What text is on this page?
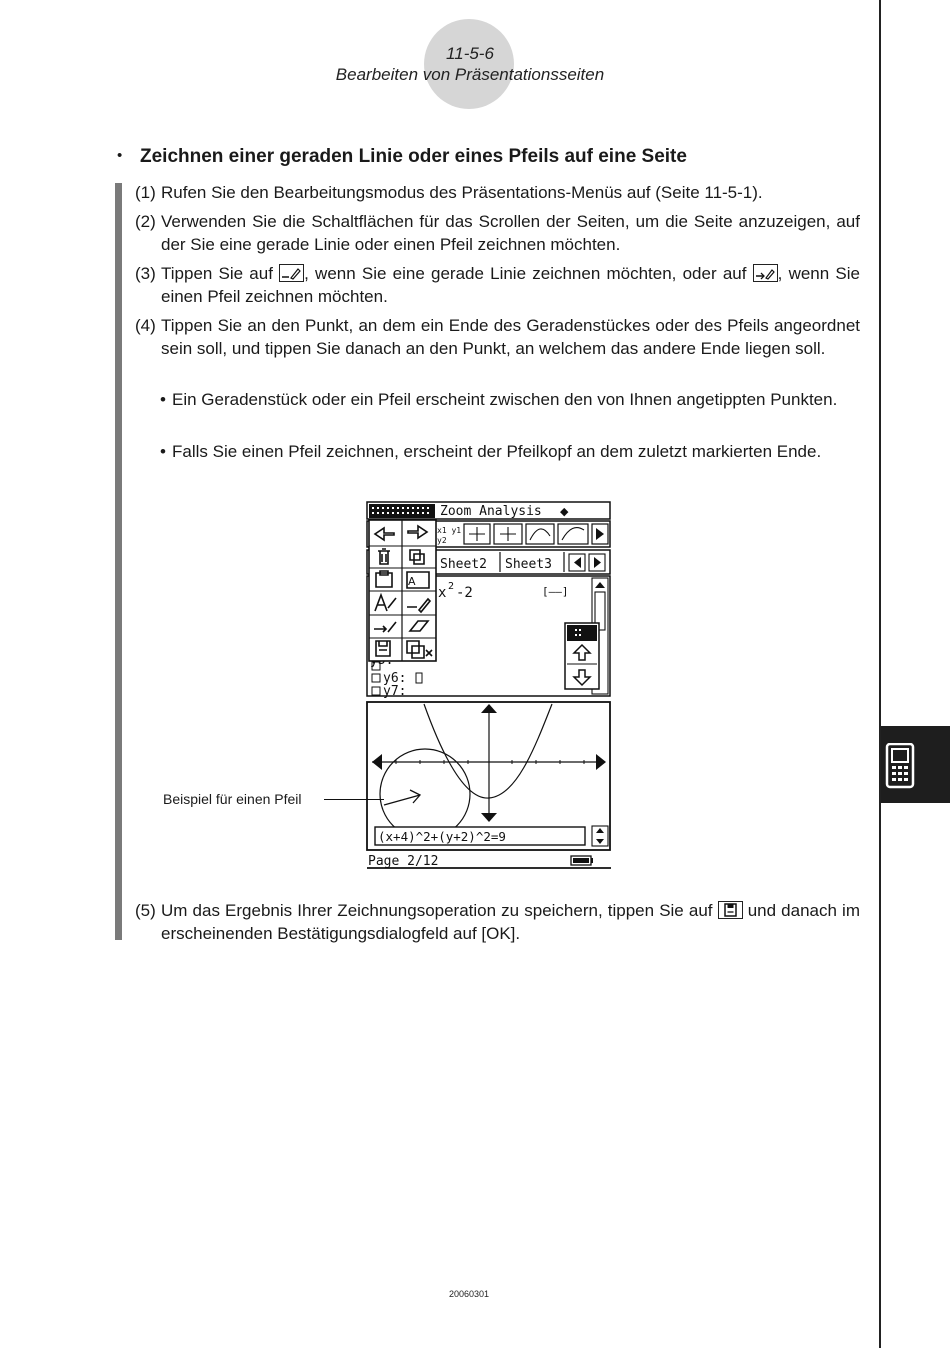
11-5-6
Bearbeiten von Präsentationsseiten
• Zeichnen einer geraden Linie oder eines Pfeils auf eine Seite
(1) Rufen Sie den Bearbeitungsmodus des Präsentations-Menüs auf (Seite 11-5-1).
(2) Verwenden Sie die Schaltflächen für das Scrollen der Seiten, um die Seite anzuzeigen, auf der Sie eine gerade Linie oder einen Pfeil zeichnen möchten.
(3) Tippen Sie auf
, wenn Sie eine gerade Linie zeichnen möchten, oder auf
, wenn Sie einen Pfeil zeichnen möchten.
(4) Tippen Sie an den Punkt, an dem ein Ende des Geradenstückes oder des Pfeils angeordnet sein soll, und tippen Sie danach an den Punkt, an welchem das andere Ende liegen soll.
• Ein Geradenstück oder ein Pfeil erscheint zwischen den von Ihnen angetippten Punkten.
• Falls Sie einen Pfeil zeichnen, erscheint der Pfeilkopf an dem zuletzt markierten Ende.
Zoom Analysis ◆
x1 y1
y2
Sheet2 Sheet3
x 2 -2	[——]
y6:
y7:
A
(x+4)^2+(y+2)^2=9
Page 2/12
Beispiel für einen Pfeil
(5) Um das Ergebnis Ihrer Zeichnungsoperation zu speichern, tippen Sie auf
und danach im erscheinenden Bestätigungsdialogfeld auf [OK].
20060301
